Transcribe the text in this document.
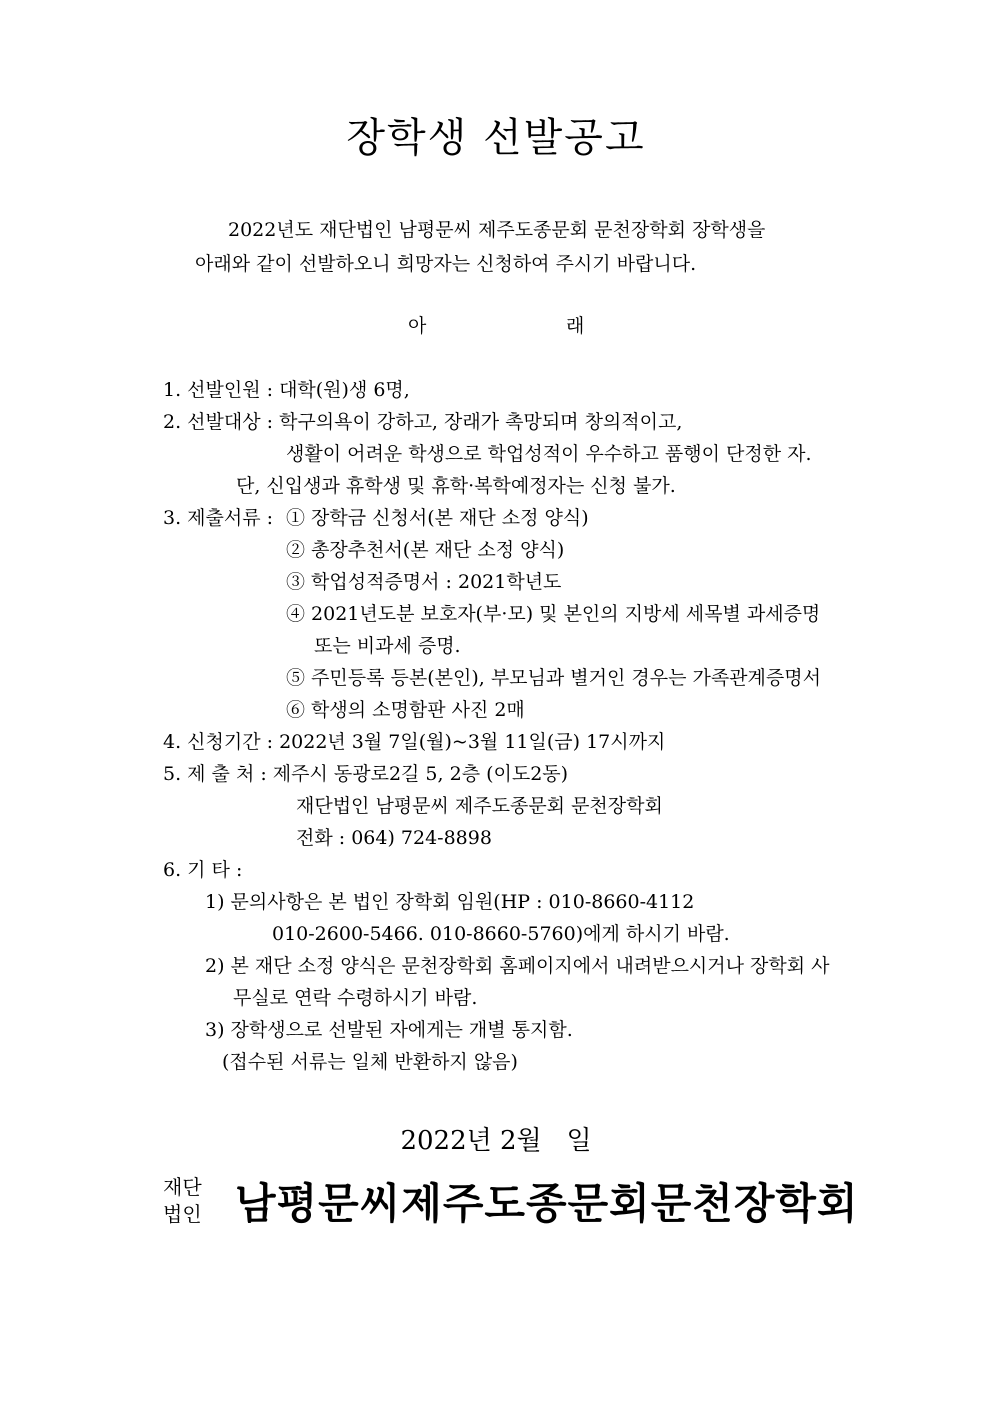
장학생 선발공고
2022년도 재단법인 남평문씨 제주도종문회 문천장학회 장학생을
아래와 같이 선발하오니 희망자는 신청하여 주시기 바랍니다.
아	래
1. 선발인원 : 대학(원)생 6명,
2. 선발대상 : 학구의욕이 강하고, 장래가 촉망되며 창의적이고,
생활이 어려운 학생으로 학업성적이 우수하고 품행이 단정한 자.
단, 신입생과 휴학생 및 휴학·복학예정자는 신청 불가.
3. 제출서류 : ① 장학금 신청서(본 재단 소정 양식)
② 총장추천서(본 재단 소정 양식)
③ 학업성적증명서 : 2021학년도
④ 2021년도분 보호자(부·모) 및 본인의 지방세 세목별 과세증명
또는 비과세 증명.
⑤ 주민등록 등본(본인), 부모님과 별거인 경우는 가족관계증명서
⑥ 학생의 소명함판 사진 2매
4. 신청기간 : 2022년 3월 7일(월)~3월 11일(금) 17시까지
5. 제 출 처 : 제주시 동광로2길 5, 2층 (이도2동)
재단법인 남평문씨 제주도종문회 문천장학회
전화 : 064) 724-8898
6. 기 타 :
1) 문의사항은 본 법인 장학회 임원(HP : 010-8660-4112
010-2600-5466. 010-8660-5760)에게 하시기 바람.
2) 본 재단 소정 양식은 문천장학회 홈페이지에서 내려받으시거나 장학회 사
무실로 연락 수령하시기 바람.
3) 장학생으로 선발된 자에게는 개별 통지함.
(접수된 서류는 일체 반환하지 않음)
2022년 2월   일
재단
법인 남평문씨제주도종문회문천장학회
